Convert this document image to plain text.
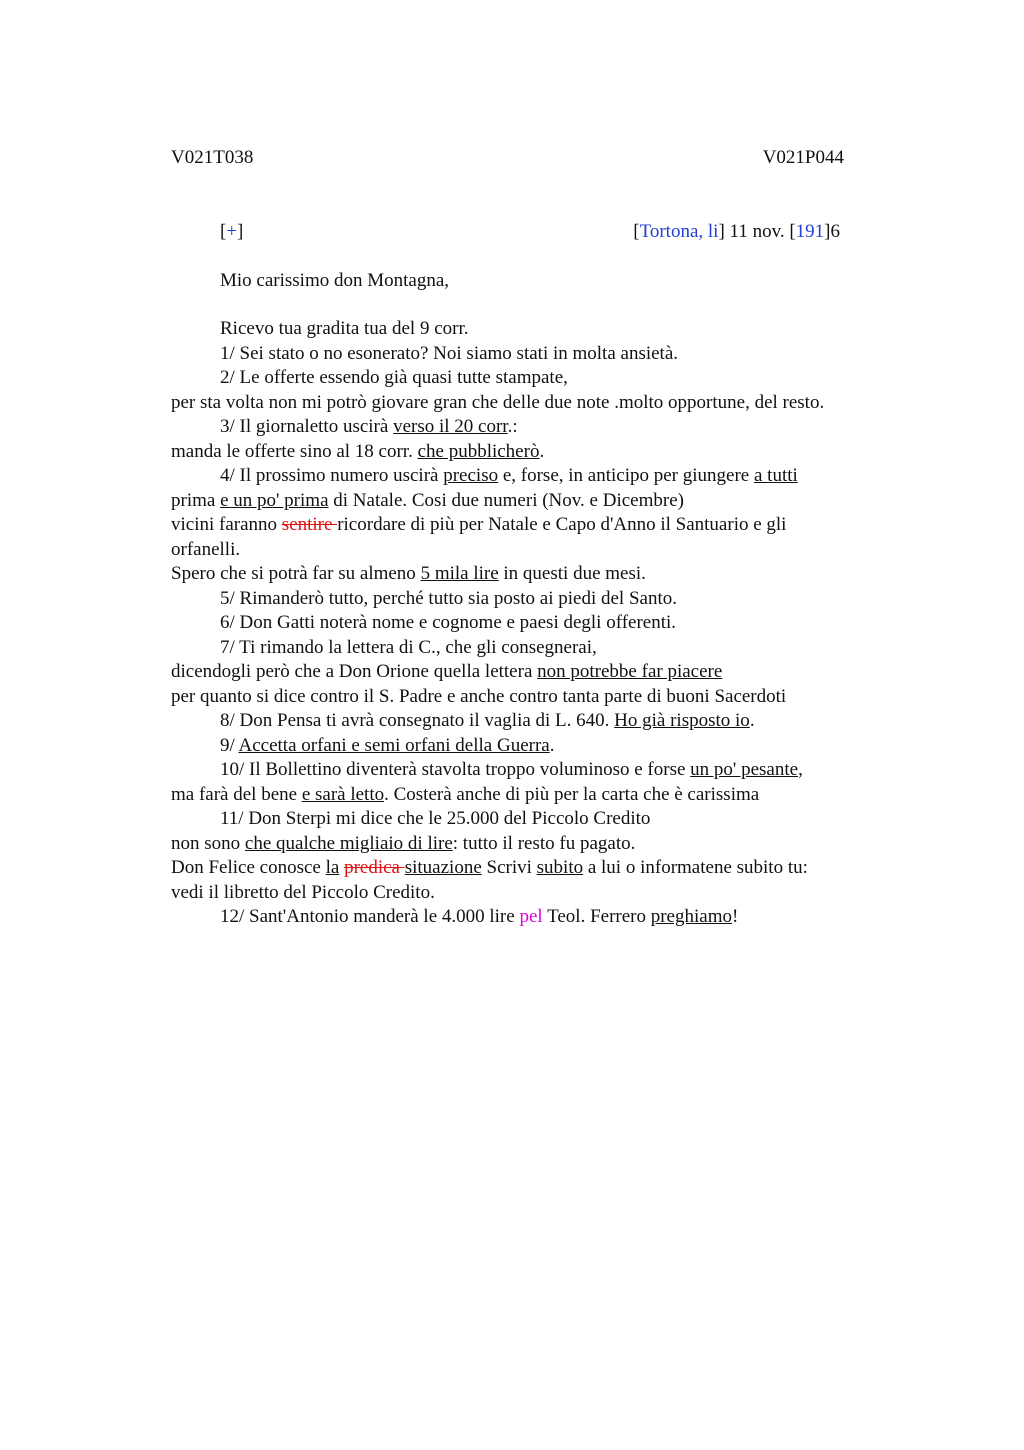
V021T038	V021P044
[+]	[Tortona, li] 11 nov. [191]6
Mio carissimo don Montagna,
Ricevo tua gradita tua del 9 corr.
1/ Sei stato o no esonerato? Noi siamo stati in molta ansietà.
2/ Le offerte essendo già quasi tutte stampate,
per sta volta non mi potrò giovare gran che delle due note .molto opportune, del resto.
3/ Il giornaletto uscirà verso il 20 corr.:
manda le offerte sino al 18 corr. che pubblicherò.
4/ Il prossimo numero uscirà preciso e, forse, in anticipo per giungere a tutti
prima e un po' prima di Natale. Cosi due numeri (Nov. e Dicembre)
vicini faranno sentire ricordare di più per Natale e Capo d'Anno il Santuario e gli
orfanelli.
Spero che si potrà far su almeno 5 mila lire in questi due mesi.
5/ Rimanderò tutto, perché tutto sia posto ai piedi del Santo.
6/ Don Gatti noterà nome e cognome e paesi degli offerenti.
7/ Ti rimando la lettera di C., che gli consegnerai,
dicendogli però che a Don Orione quella lettera non potrebbe far piacere
per quanto si dice contro il S. Padre e anche contro tanta parte di buoni Sacerdoti
8/ Don Pensa ti avrà consegnato il vaglia di L. 640. Ho già risposto io.
9/ Accetta orfani e semi orfani della Guerra.
10/ Il Bollettino diventerà stavolta troppo voluminoso e forse un po' pesante,
ma farà del bene e sarà letto. Costerà anche di più per la carta che è carissima
11/ Don Sterpi mi dice che le 25.000 del Piccolo Credito
non sono che qualche migliaio di lire: tutto il resto fu pagato.
Don Felice conosce la predica situazione Scrivi subito a lui o informatene subito tu:
vedi il libretto del Piccolo Credito.
12/ Sant'Antonio manderà le 4.000 lire pel Teol. Ferrero preghiamo!
